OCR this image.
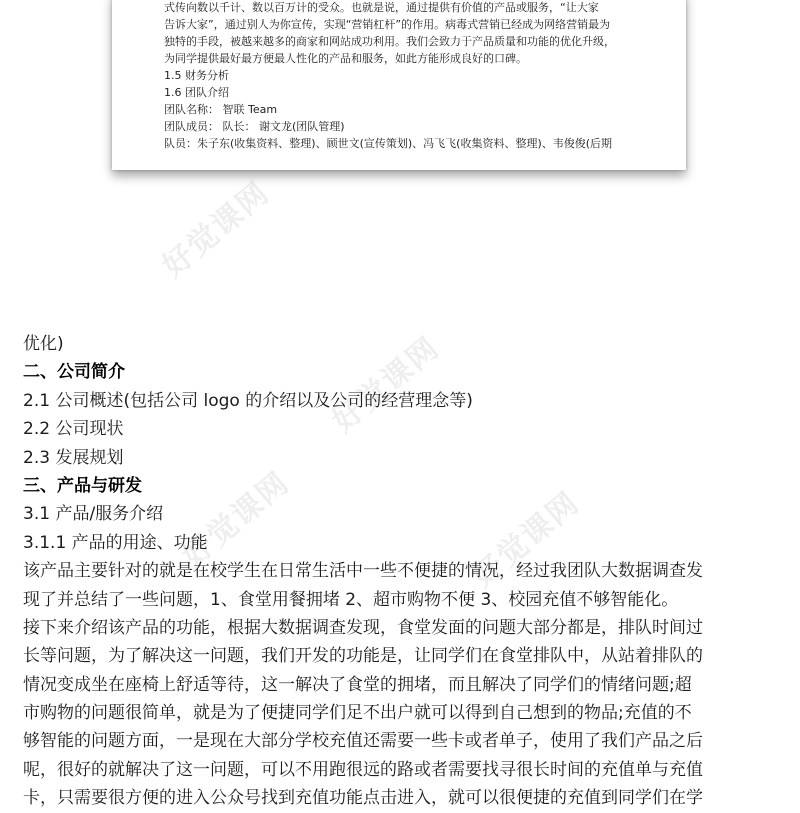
式传向数以千计、数以百万计的受众。也就是说，通过提供有价值的产品或服务，“让大家
告诉大家”，通过别人为你宣传，实现“营销杠杆”的作用。病毒式营销已经成为网络营销最为
独特的手段，被越来越多的商家和网站成功利用。我们会致力于产品质量和功能的优化升级，
为同学提供最好最方便最人性化的产品和服务，如此方能形成良好的口碑。
1.5 财务分析
1.6 团队介绍
团队名称： 智联 Team
团队成员： 队长： 谢文龙(团队管理)
队员：朱子东(收集资料、整理)、顾世文(宣传策划)、冯飞飞(收集资料、整理)、韦俊俊(后期
好觉课网
好觉课网
好觉课网
好觉课网
优化)
二、公司简介
2.1 公司概述(包括公司 logo 的介绍以及公司的经营理念等)
2.2 公司现状
2.3 发展规划
三、产品与研发
3.1 产品/服务介绍
3.1.1 产品的用途、功能
该产品主要针对的就是在校学生在日常生活中一些不便捷的情况，经过我团队大数据调查发
现了并总结了一些问题，1、食堂用餐拥堵 2、超市购物不便 3、校园充值不够智能化。
接下来介绍该产品的功能，根据大数据调查发现，食堂发面的问题大部分都是，排队时间过
长等问题，为了解决这一问题，我们开发的功能是，让同学们在食堂排队中，从站着排队的
情况变成坐在座椅上舒适等待，这一解决了食堂的拥堵，而且解决了同学们的情绪问题;超
市购物的问题很简单，就是为了便捷同学们足不出户就可以得到自己想到的物品;充值的不
够智能的问题方面，一是现在大部分学校充值还需要一些卡或者单子，使用了我们产品之后
呢，很好的就解决了这一问题，可以不用跑很远的路或者需要找寻很长时间的充值单与充值
卡，只需要很方便的进入公众号找到充值功能点击进入，就可以很便捷的充值到同学们在学
